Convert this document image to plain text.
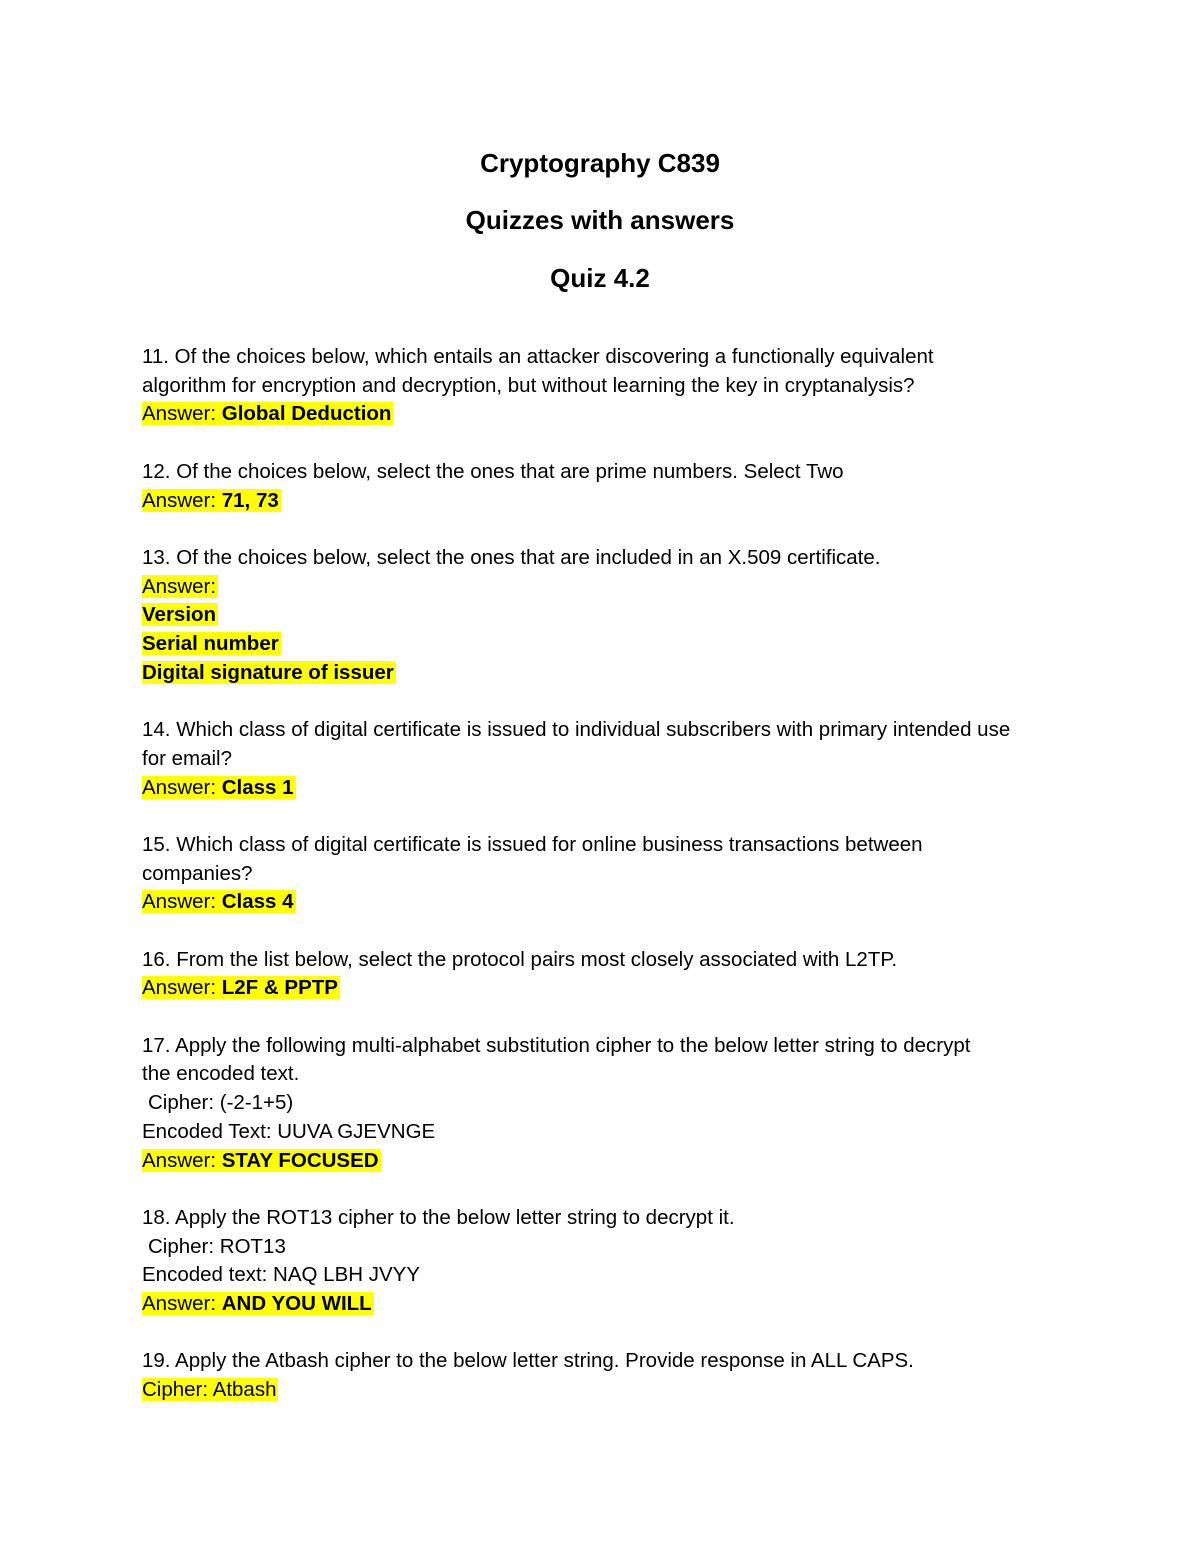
Cryptography C839
Quizzes with answers
Quiz 4.2
11. Of the choices below, which entails an attacker discovering a functionally equivalent
algorithm for encryption and decryption, but without learning the key in cryptanalysis?
Answer: Global Deduction
12. Of the choices below, select the ones that are prime numbers. Select Two
Answer: 71, 73
13. Of the choices below, select the ones that are included in an X.509 certificate.
Answer:
Version
Serial number
Digital signature of issuer
14. Which class of digital certificate is issued to individual subscribers with primary intended use
for email?
Answer: Class 1
15. Which class of digital certificate is issued for online business transactions between
companies?
Answer: Class 4
16. From the list below, select the protocol pairs most closely associated with L2TP.
Answer: L2F & PPTP
17. Apply the following multi-alphabet substitution cipher to the below letter string to decrypt
the encoded text.
Cipher: (-2-1+5)
Encoded Text: UUVA GJEVNGE
Answer: STAY FOCUSED
18. Apply the ROT13 cipher to the below letter string to decrypt it.
Cipher: ROT13
Encoded text: NAQ LBH JVYY
Answer: AND YOU WILL
19. Apply the Atbash cipher to the below letter string. Provide response in ALL CAPS.
Cipher: Atbash
